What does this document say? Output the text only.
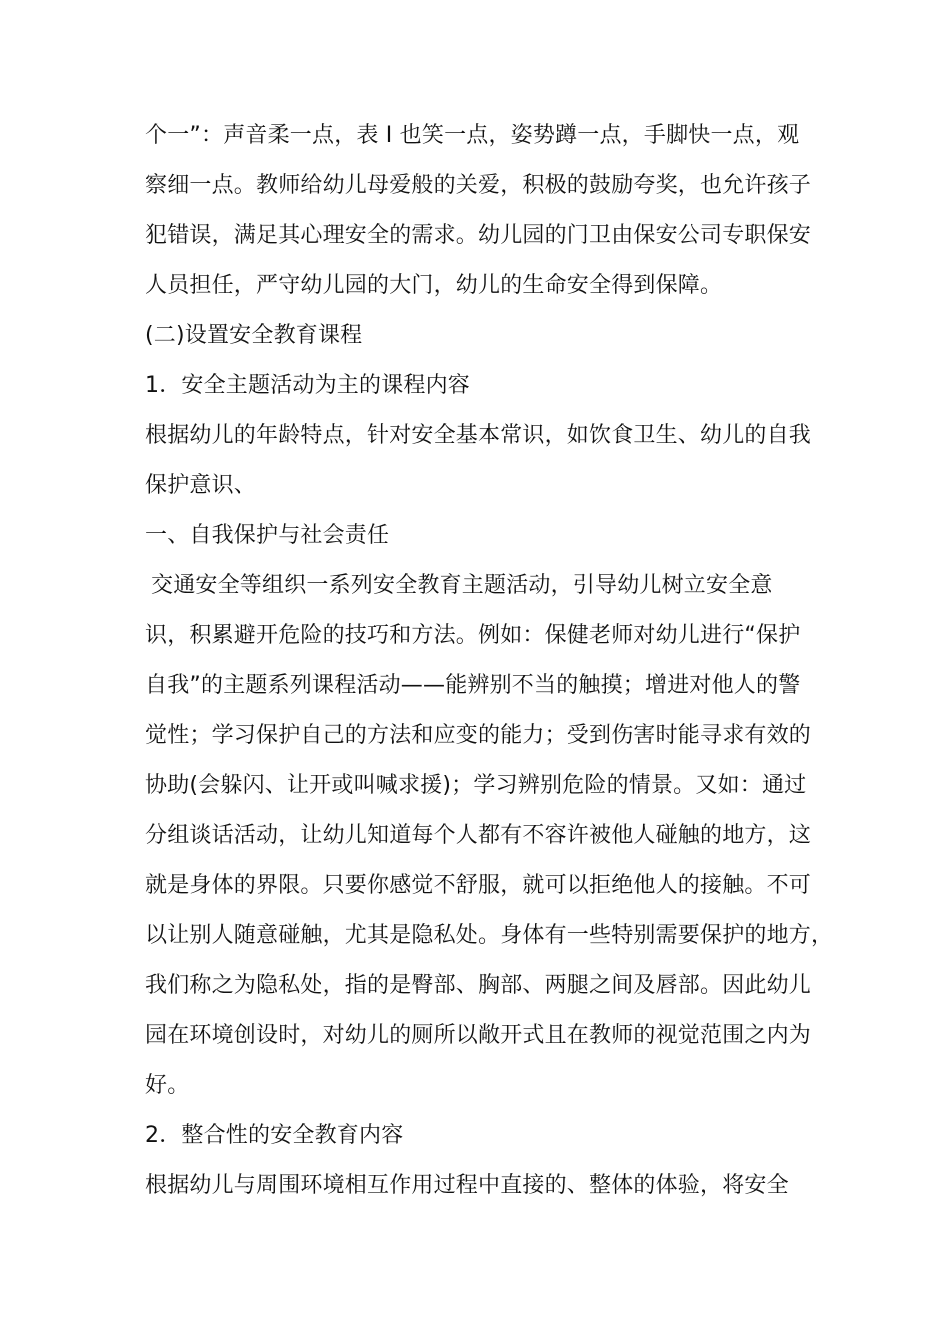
个一”：声音柔一点，表 I 也笑一点，姿势蹲一点，手脚快一点，观
察细一点。教师给幼儿母爱般的关爱，积极的鼓励夸奖，也允许孩子
犯错误，满足其心理安全的需求。幼儿园的门卫由保安公司专职保安
人员担任，严守幼儿园的大门，幼儿的生命安全得到保障。
(二)设置安全教育课程
1．安全主题活动为主的课程内容
根据幼儿的年龄特点，针对安全基本常识，如饮食卫生、幼儿的自我
保护意识、
一、自我保护与社会责任
交通安全等组织一系列安全教育主题活动，引导幼儿树立安全意
识，积累避开危险的技巧和方法。例如：保健老师对幼儿进行“保护
自我”的主题系列课程活动——能辨别不当的触摸；增进对他人的警
觉性；学习保护自己的方法和应变的能力；受到伤害时能寻求有效的
协助(会躲闪、让开或叫喊求援)；学习辨别危险的情景。又如：通过
分组谈话活动，让幼儿知道每个人都有不容许被他人碰触的地方，这
就是身体的界限。只要你感觉不舒服，就可以拒绝他人的接触。不可
以让别人随意碰触，尤其是隐私处。身体有一些特别需要保护的地方，
我们称之为隐私处，指的是臀部、胸部、两腿之间及唇部。因此幼儿
园在环境创设时，对幼儿的厕所以敞开式且在教师的视觉范围之内为
好。
2．整合性的安全教育内容
根据幼儿与周围环境相互作用过程中直接的、整体的体验，将安全
